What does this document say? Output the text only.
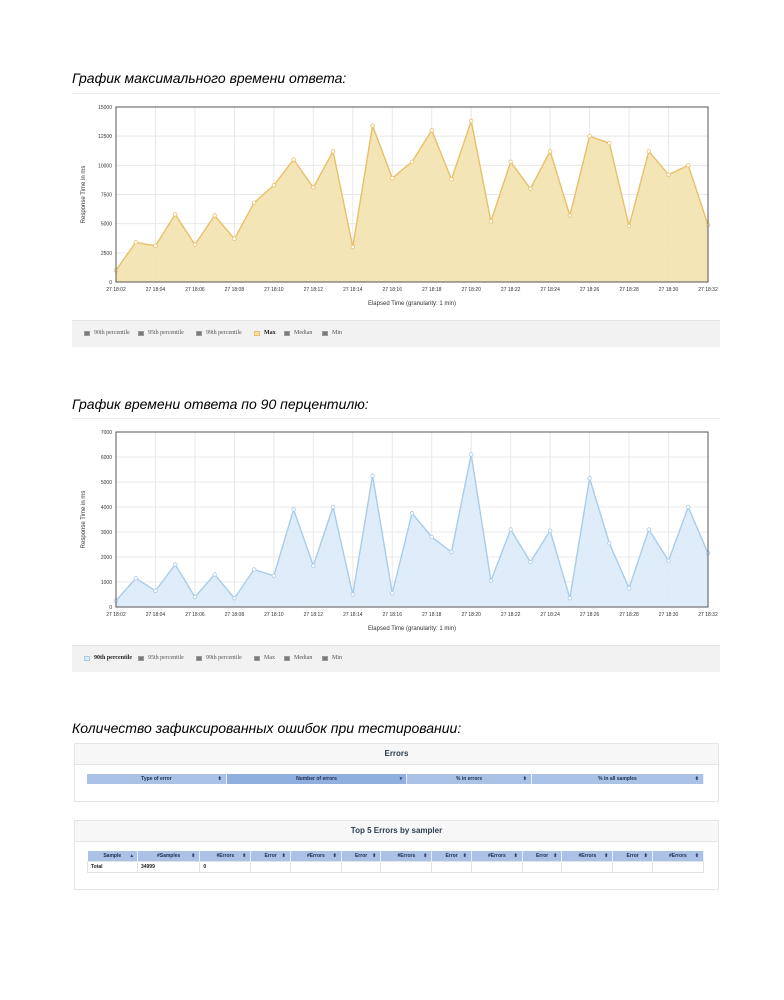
График максимального времени ответа:
0
2500
5000
7500
10000
12500
15000
27 18:02	27 18:04	27 18:06	27 18:08	27 18:10	27 18:12	27 18:14	27 18:16	27 18:18	27 18:20	27 18:22	27 18:24	27 18:26	27 18:28	27 18:30	27 18:32
Elapsed Time (granularity: 1 min)
Response Time in ms
90th percentile	95th percentile	99th percentile	Max	Median	Min
График времени ответа по 90 перцентилю:
0
1000
2000
3000
4000
5000
6000
7000
27 18:02	27 18:04	27 18:06	27 18:08	27 18:10	27 18:12	27 18:14	27 18:16	27 18:18	27 18:20	27 18:22	27 18:24	27 18:26	27 18:28	27 18:30	27 18:32
Elapsed Time (granularity: 1 min)
Response Time in ms
90th percentile	95th percentile	99th percentile	Max	Median	Min
Количество зафиксированных ошибок при тестировании:
Errors
Type of error	⬍	Number of errors	▾	% in errors	⬍	% in all samples	⬍
Top 5 Errors by sampler
Sample ▴	#Samples ⬍	#Errors ⬍	Error ⬍	#Errors ⬍	Error ⬍	#Errors ⬍	Error ⬍	#Errors ⬍	Error ⬍	#Errors ⬍	Error ⬍	#Errors ⬍

Total	34999	0										
